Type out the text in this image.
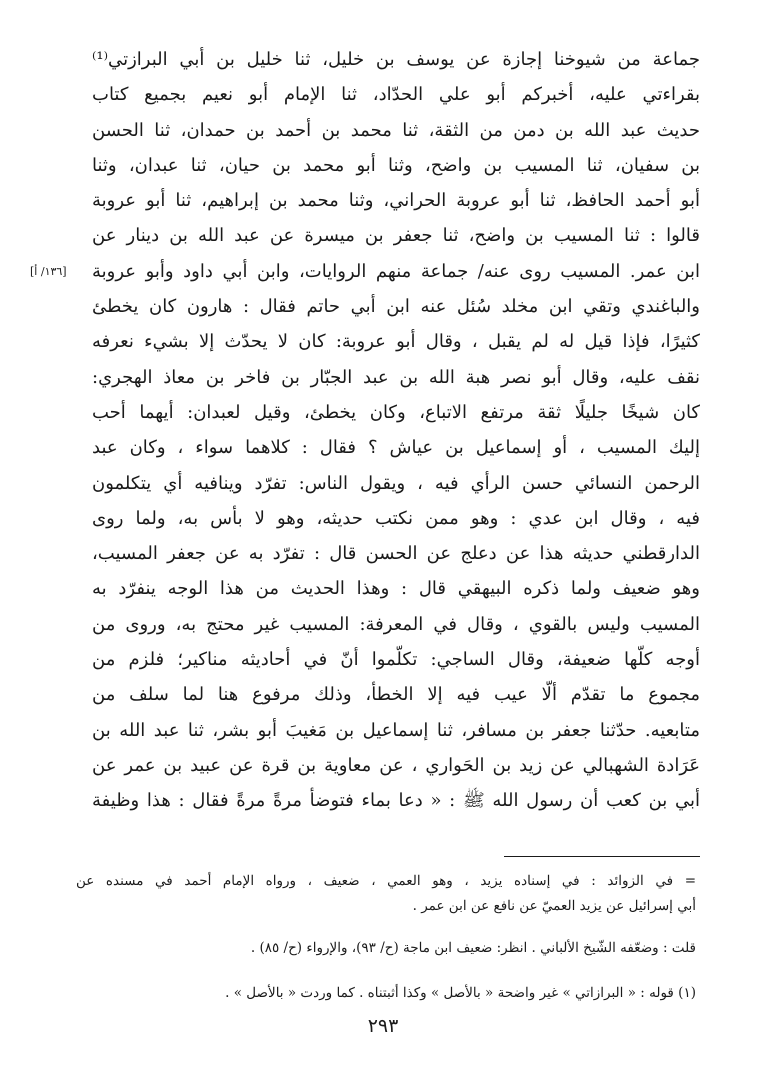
جماعة من شيوخنا إجازة عن يوسف بن خليل، ثنا خليل بن أبي البرازتي⁽¹⁾
بقراءتي عليه، أخبركم أبو علي الحدّاد، ثنا الإمام أبو نعيم بجميع كتاب
حديث عبد الله بن دمن من الثقة، ثنا محمد بن أحمد بن حمدان، ثنا الحسن
بن سفيان، ثنا المسيب بن واضح، وثنا أبو محمد بن حيان، ثنا عبدان، وثنا
أبو أحمد الحافظ، ثنا أبو عروبة الحراني، وثنا محمد بن إبراهيم، ثنا أبو عروبة
قالوا : ثنا المسيب بن واضح، ثنا جعفر بن ميسرة عن عبد الله بن دينار عن
ابن عمر. المسيب روى عنه/ جماعة منهم الروايات، وابن أبي داود وأبو عروبة
والباغندي وتقي ابن مخلد سُئل عنه ابن أبي حاتم فقال : هارون كان يخطئ
كثيرًا، فإذا قيل له لم يقبل ، وقال أبو عروبة: كان لا يحدّث إلا بشيء نعرفه
نقف عليه، وقال أبو نصر هبة الله بن عبد الجبّار بن فاخر بن معاذ الهجري:
كان شيخًا جليلًا ثقة مرتفع الاتباع، وكان يخطئ، وقيل لعبدان: أيهما أحب
إليك المسيب ، أو إسماعيل بن عياش ؟ فقال : كلاهما سواء ، وكان عبد
الرحمن النسائي حسن الرأي فيه ، ويقول الناس: تفرّد وينافيه أي يتكلمون
فيه ، وقال ابن عدي : وهو ممن نكتب حديثه، وهو لا بأس به، ولما روى
الدارقطني حديثه هذا عن دعلج عن الحسن قال : تفرّد به عن جعفر المسيب،
وهو ضعيف ولما ذكره البيهقي قال : وهذا الحديث من هذا الوجه ينفرّد به
المسيب وليس بالقوي ، وقال في المعرفة: المسيب غير محتج به، وروى من
أوجه كلّها ضعيفة، وقال الساجي: تكلّموا أنّ في أحاديثه مناكير؛ فلزم من
مجموع ما تقدّم ألّا عيب فيه إلا الخطأ، وذلك مرفوع هنا لما سلف من
متابعيه. حدّثنا جعفر بن مسافر، ثنا إسماعيل بن مَغيبَ أبو بشر، ثنا عبد الله بن
عَرَادة الشهبالي عن زيد بن الحَواري ، عن معاوية بن قرة عن عبيد بن عمر عن
أبي بن كعب أن رسول الله ﷺ : « دعا بماء فتوضأ مرةً مرةً فقال : هذا وظيفة
[١٣٦/ أ]
= في الزوائد : في إسناده يزيد ، وهو العمي ، ضعيف ، ورواه الإمام أحمد في مسنده عن
أبي إسرائيل عن يزيد العميّ عن نافع عن ابن عمر .
قلت : وضعّفه الشّيخ الألباني . انظر: ضعيف ابن ماجة (ح/ ٩٣)، والإرواء (ح/ ٨٥) .
(١) قوله : « البرازاتي » غير واضحة « بالأصل » وكذا أثبتناه . كما وردت « بالأصل » .
٢٩٣
